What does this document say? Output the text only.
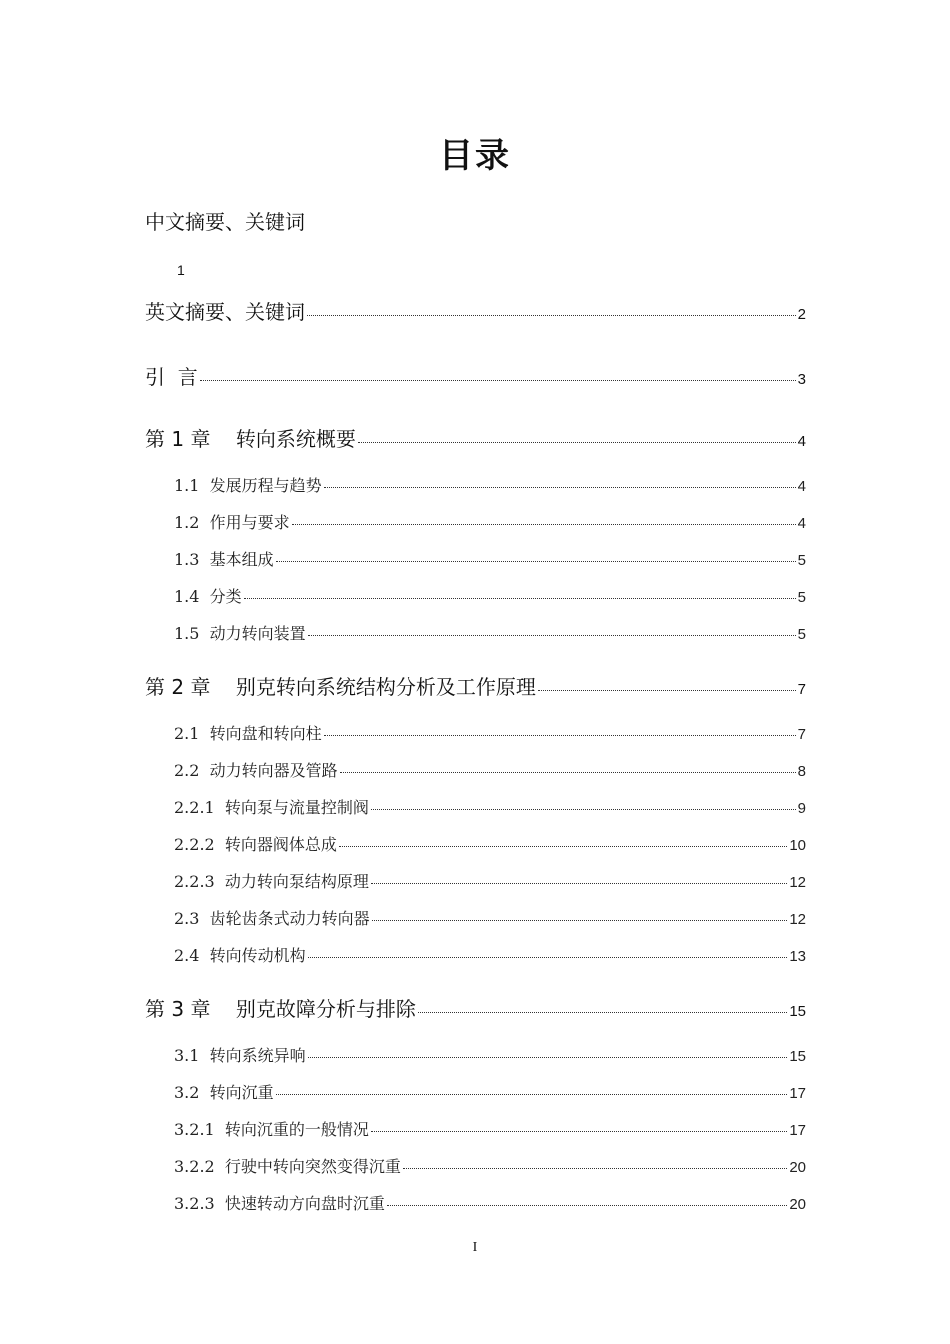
目录
中文摘要、关键词
1
英文摘要、关键词	2
引  言	3
第 1 章    转向系统概要	4
1.1  发展历程与趋势	4
1.2  作用与要求	4
1.3  基本组成	5
1.4  分类	5
1.5  动力转向装置	5
第 2 章    别克转向系统结构分析及工作原理	7
2.1  转向盘和转向柱	7
2.2  动力转向器及管路	8
2.2.1  转向泵与流量控制阀	9
2.2.2  转向器阀体总成	10
2.2.3  动力转向泵结构原理	12
2.3  齿轮齿条式动力转向器	12
2.4  转向传动机构	13
第 3 章    别克故障分析与排除	15
3.1  转向系统异响	15
3.2  转向沉重	17
3.2.1  转向沉重的一般情况	17
3.2.2  行驶中转向突然变得沉重	20
3.2.3  快速转动方向盘时沉重	20
I
